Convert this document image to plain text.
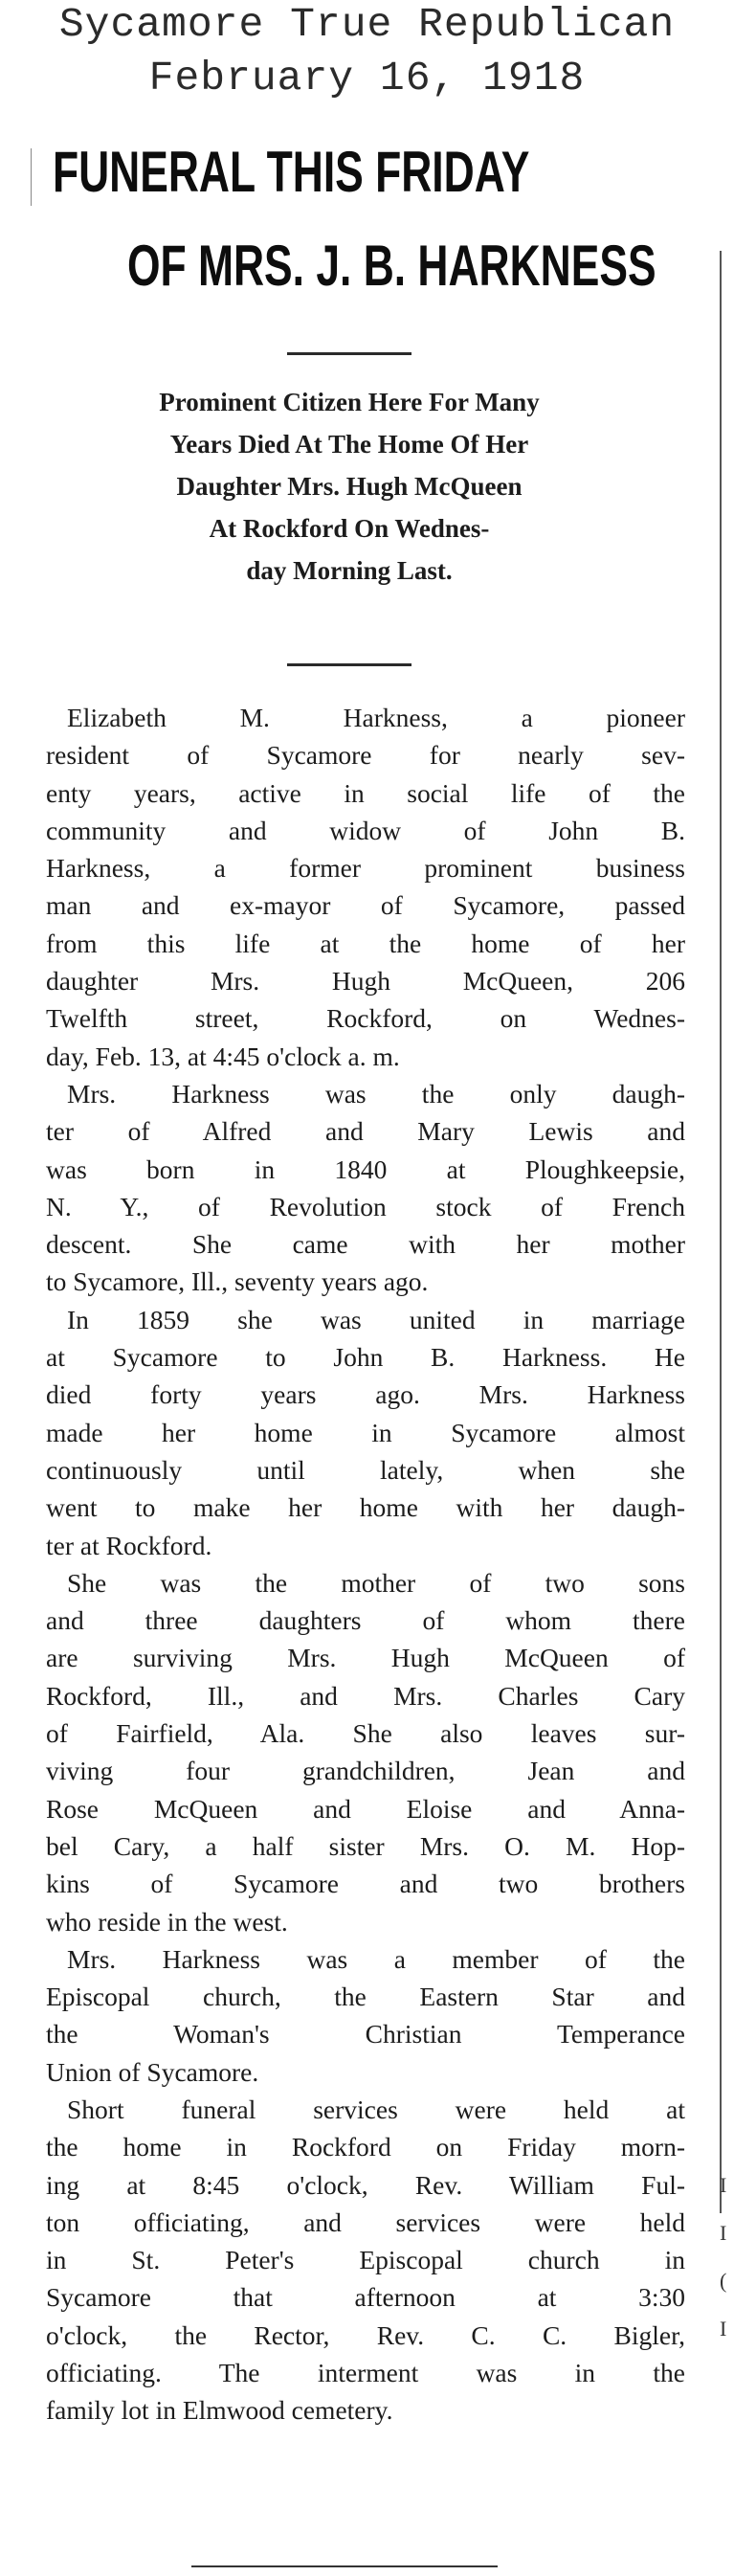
Sycamore True Republican
February 16, 1918
FUNERAL THIS FRIDAY
OF MRS. J. B. HARKNESS
Prominent Citizen Here For Many
Years Died At The Home Of Her
Daughter Mrs. Hugh McQueen
At Rockford On Wednes-
day Morning Last.
Elizabeth M. Harkness, a pioneer
resident of Sycamore for nearly sev-
enty years, active in social life of the
community and widow of John B.
Harkness, a former prominent business
man and ex-mayor of Sycamore, passed
from this life at the home of her
daughter Mrs. Hugh McQueen, 206
Twelfth street, Rockford, on Wednes-
day, Feb. 13, at 4:45 o'clock a. m.
Mrs. Harkness was the only daugh-
ter of Alfred and Mary Lewis and
was born in 1840 at Ploughkeepsie,
N. Y., of Revolution stock of French
descent. She came with her mother
to Sycamore, Ill., seventy years ago.
In 1859 she was united in marriage
at Sycamore to John B. Harkness. He
died forty years ago. Mrs. Harkness
made her home in Sycamore almost
continuously until lately, when she
went to make her home with her daugh-
ter at Rockford.
She was the mother of two sons
and three daughters of whom there
are surviving Mrs. Hugh McQueen of
Rockford, Ill., and Mrs. Charles Cary
of Fairfield, Ala. She also leaves sur-
viving four grandchildren, Jean and
Rose McQueen and Eloise and Anna-
bel Cary, a half sister Mrs. O. M. Hop-
kins of Sycamore and two brothers
who reside in the west.
Mrs. Harkness was a member of the
Episcopal church, the Eastern Star and
the Woman's Christian Temperance
Union of Sycamore.
Short funeral services were held at
the home in Rockford on Friday morn-
ing at 8:45 o'clock, Rev. William Ful-
ton officiating, and services were held
in St. Peter's Episcopal church in
Sycamore that afternoon at 3:30
o'clock, the Rector, Rev. C. C. Bigler,
officiating. The interment was in the
family lot in Elmwood cemetery.
I
I
(
I
